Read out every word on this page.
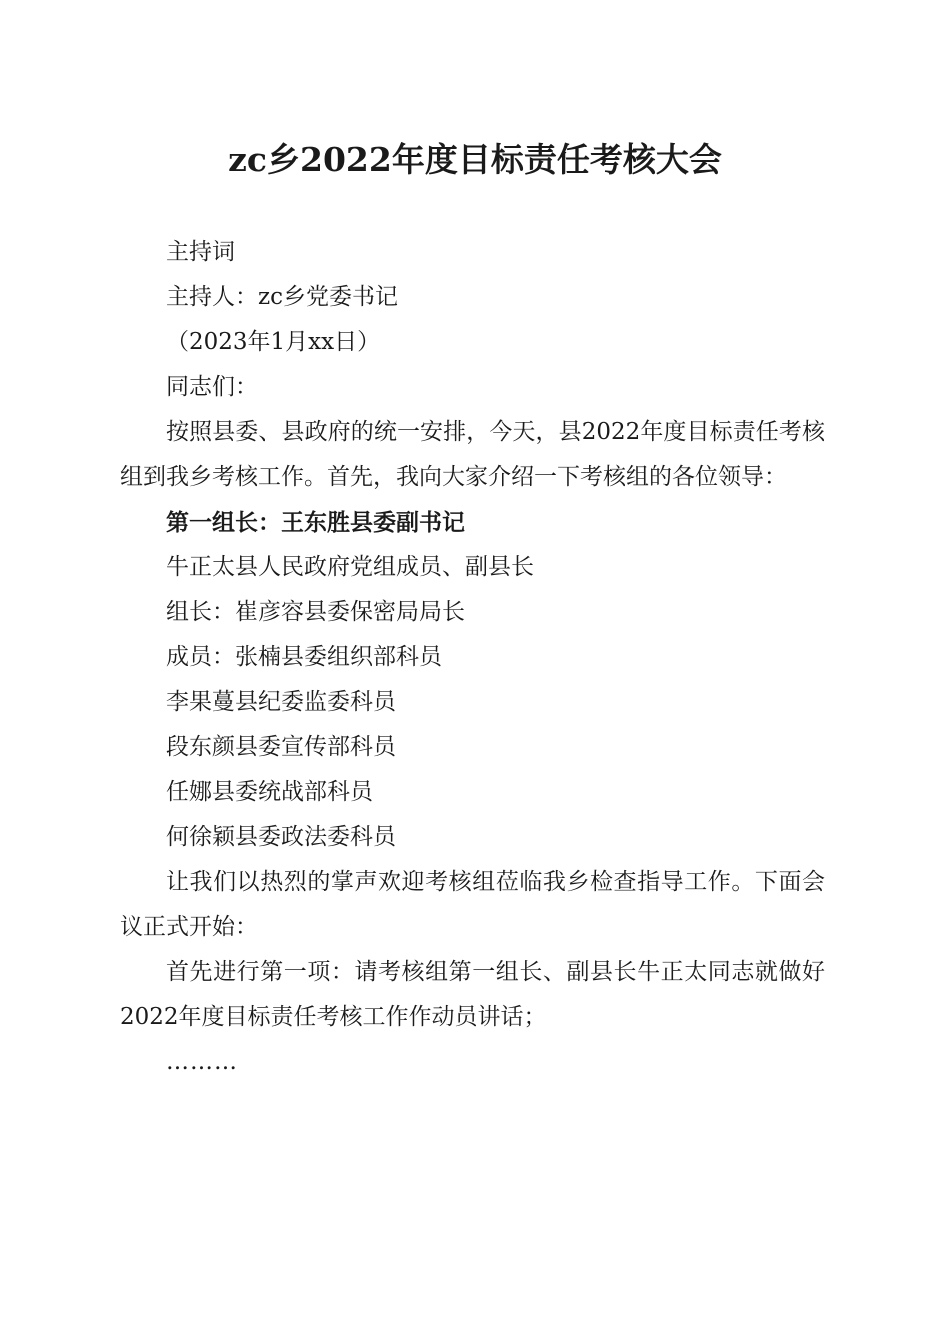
zc乡2022年度目标责任考核大会

主持词

主持人：zc乡党委书记

（2023年1月xx日）

同志们：

按照县委、县政府的统一安排，今天，县2022年度目标责任考核组到我乡考核工作。首先，我向大家介绍一下考核组的各位领导：

第一组长：王东胜县委副书记

牛正太县人民政府党组成员、副县长

组长：崔彦容县委保密局局长

成员：张楠县委组织部科员

李果蔓县纪委监委科员

段东颜县委宣传部科员

任娜县委统战部科员

何徐颖县委政法委科员

让我们以热烈的掌声欢迎考核组莅临我乡检查指导工作。下面会议正式开始：

首先进行第一项：请考核组第一组长、副县长牛正太同志就做好2022年度目标责任考核工作作动员讲话；

………
